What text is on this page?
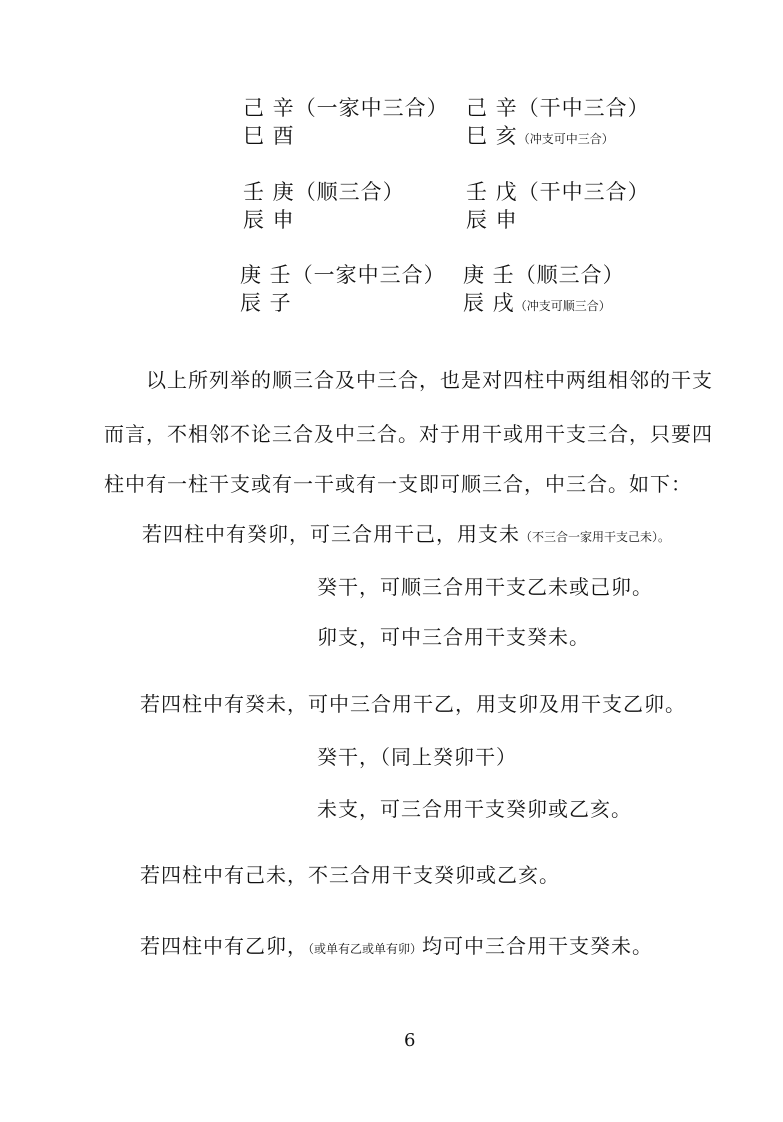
己 辛（一家中三合）
巳 酉
己 辛（干中三合）
巳 亥（冲支可中三合）
壬 庚（顺三合）
辰 申
壬 戊（干中三合）
辰 申
庚 壬（一家中三合）
辰 子
庚 壬（顺三合）
辰 戌（冲支可顺三合）
以上所列举的顺三合及中三合，也是对四柱中两组相邻的干支
而言，不相邻不论三合及中三合。对于用干或用干支三合，只要四
柱中有一柱干支或有一干或有一支即可顺三合，中三合。如下：
若四柱中有癸卯，可三合用干己，用支未（不三合一家用干支己未）。
癸干，可顺三合用干支乙未或己卯。
卯支，可中三合用干支癸未。
若四柱中有癸未，可中三合用干乙，用支卯及用干支乙卯。
癸干，（同上癸卯干）
未支，可三合用干支癸卯或乙亥。
若四柱中有己未，不三合用干支癸卯或乙亥。
若四柱中有乙卯，（或单有乙或单有卯）均可中三合用干支癸未。
6
